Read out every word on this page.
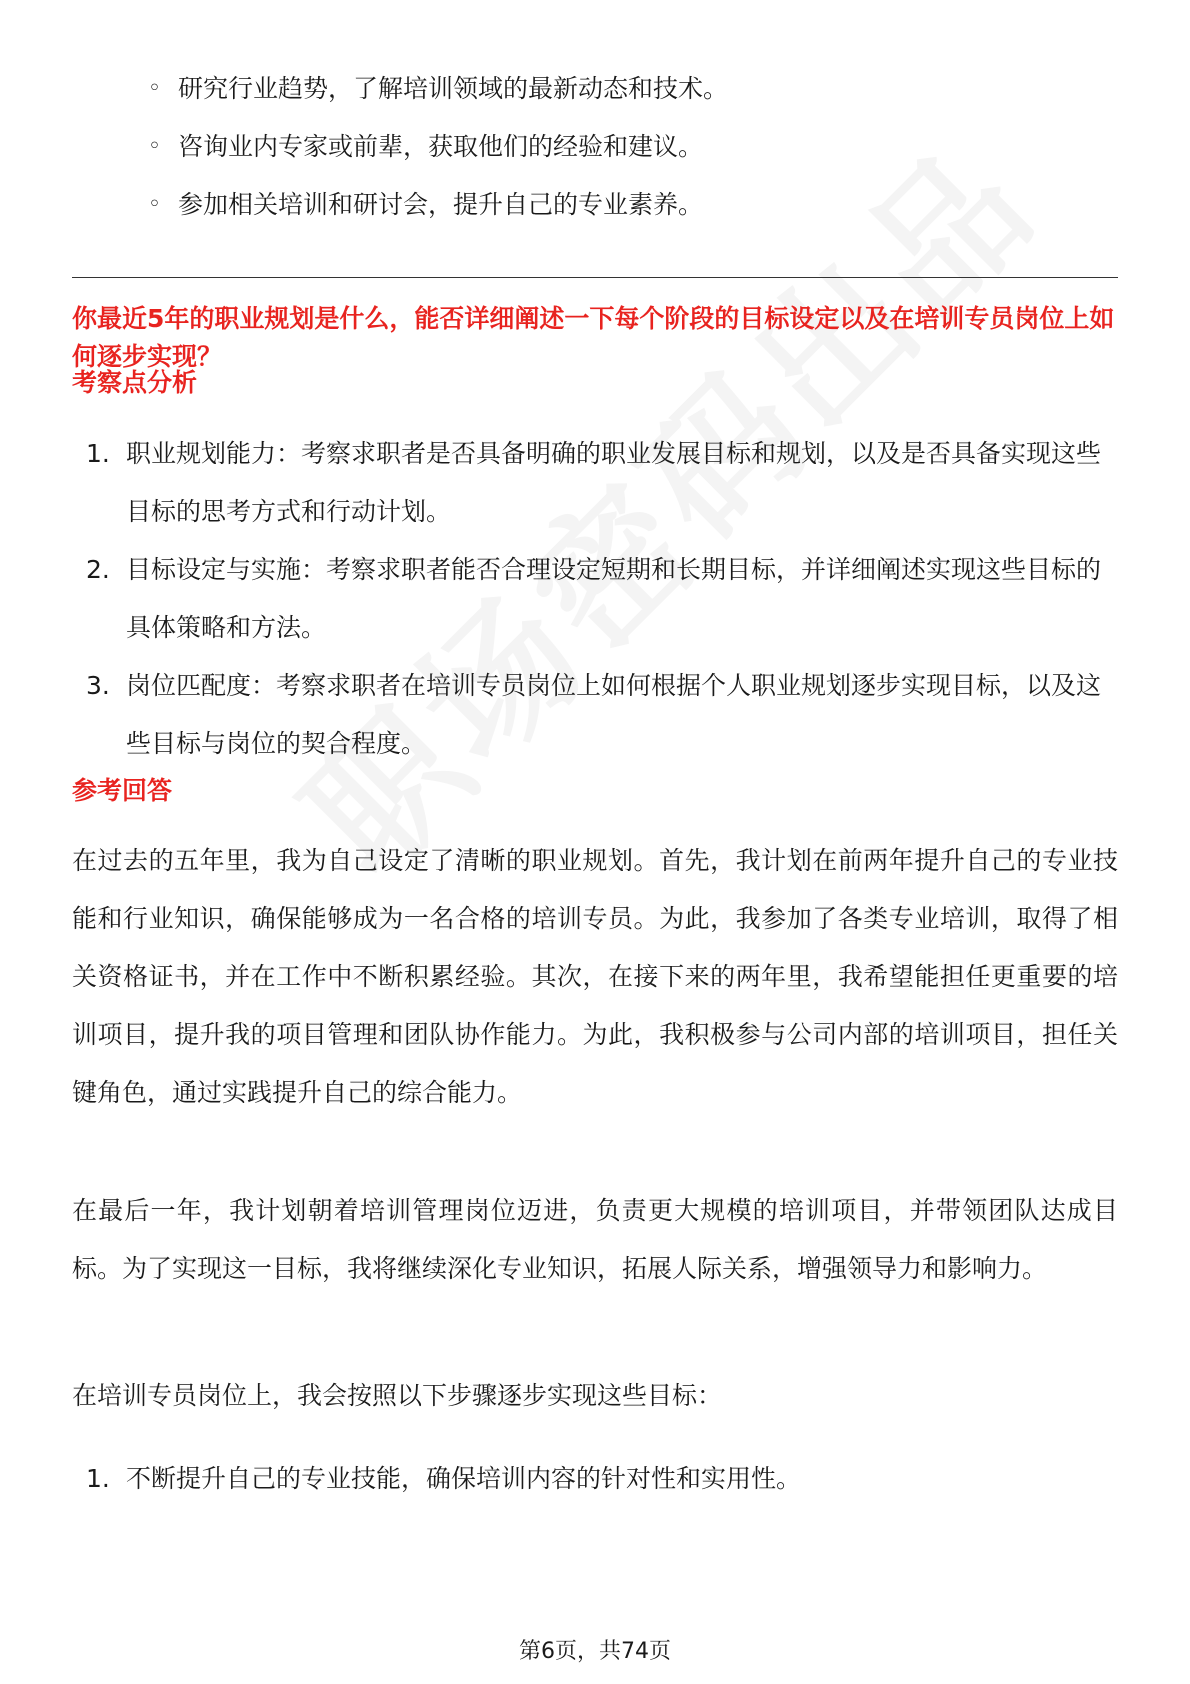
◦ 研究行业趋势，了解培训领域的最新动态和技术。
◦ 咨询业内专家或前辈，获取他们的经验和建议。
◦ 参加相关培训和研讨会，提升自己的专业素养。

你最近5年的职业规划是什么，能否详细阐述一下每个阶段的目标设定以及在培训专员岗位上如何逐步实现？

考察点分析
1. 职业规划能力：考察求职者是否具备明确的职业发展目标和规划，以及是否具备实现这些目标的思考方式和行动计划。
2. 目标设定与实施：考察求职者能否合理设定短期和长期目标，并详细阐述实现这些目标的具体策略和方法。
3. 岗位匹配度：考察求职者在培训专员岗位上如何根据个人职业规划逐步实现目标，以及这些目标与岗位的契合程度。
参考回答

在过去的五年里，我为自己设定了清晰的职业规划。首先，我计划在前两年提升自己的专业技能和行业知识，确保能够成为一名合格的培训专员。为此，我参加了各类专业培训，取得了相关资格证书，并在工作中不断积累经验。其次，在接下来的两年里，我希望能担任更重要的培训项目，提升我的项目管理和团队协作能力。为此，我积极参与公司内部的培训项目，担任关键角色，通过实践提升自己的综合能力。

在最后一年，我计划朝着培训管理岗位迈进，负责更大规模的培训项目，并带领团队达成目标。为了实现这一目标，我将继续深化专业知识，拓展人际关系，增强领导力和影响力。

在培训专员岗位上，我会按照以下步骤逐步实现这些目标：

1. 不断提升自己的专业技能，确保培训内容的针对性和实用性。
第6页，共74页
